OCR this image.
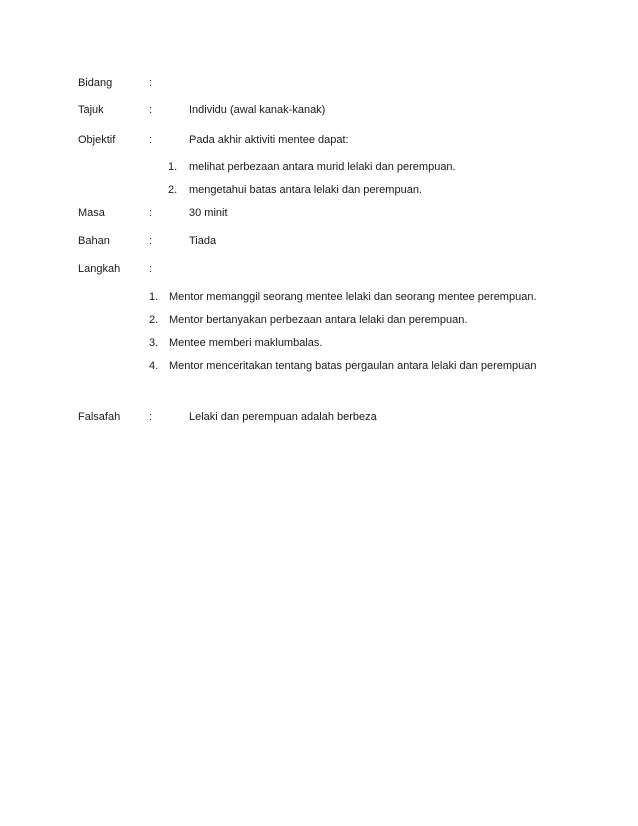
Bidang	:
Tajuk	:	Individu (awal kanak-kanak)
Objektif	:	Pada akhir aktiviti mentee dapat:
1. melihat perbezaan antara murid lelaki dan perempuan.
2. mengetahui batas antara lelaki dan perempuan.
Masa	:	30 minit
Bahan	:	Tiada
Langkah	:
1. Mentor memanggil seorang mentee lelaki dan seorang mentee perempuan.
2. Mentor bertanyakan perbezaan antara lelaki dan perempuan.
3. Mentee memberi maklumbalas.
4. Mentor menceritakan tentang batas pergaulan antara lelaki dan perempuan
Falsafah	:	Lelaki dan perempuan adalah berbeza
